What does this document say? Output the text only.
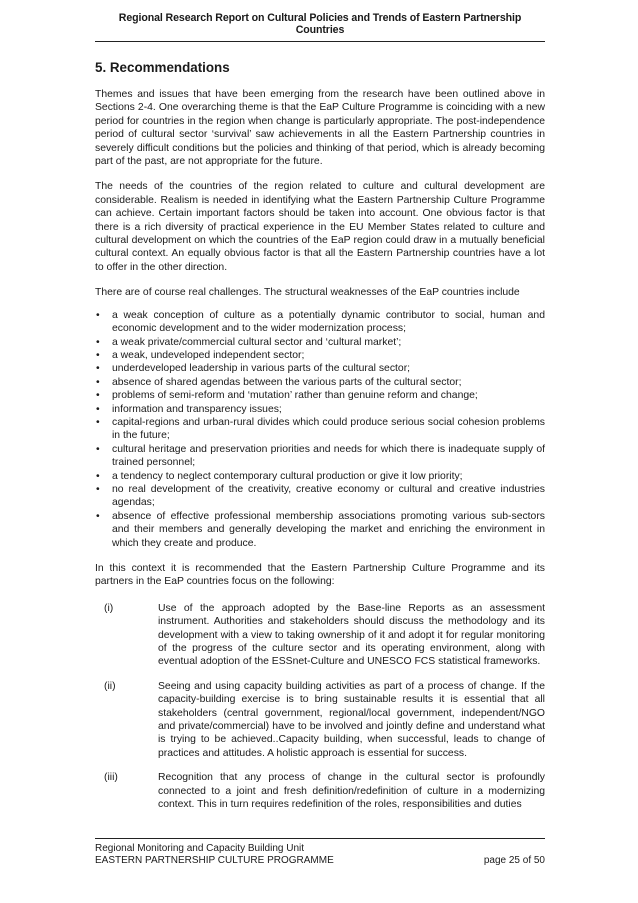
Regional Research Report on Cultural Policies and Trends of Eastern Partnership Countries
5. Recommendations

Themes and issues that have been emerging from the research have been outlined above in Sections 2-4. One overarching theme is that the EaP Culture Programme is coinciding with a new period for countries in the region when change is particularly appropriate. The post-independence period of cultural sector ‘survival’ saw achievements in all the Eastern Partnership countries in severely difficult conditions but the policies and thinking of that period, which is already becoming part of the past, are not appropriate for the future.

The needs of the countries of the region related to culture and cultural development are considerable. Realism is needed in identifying what the Eastern Partnership Culture Programme can achieve. Certain important factors should be taken into account. One obvious factor is that there is a rich diversity of practical experience in the EU Member States related to culture and cultural development on which the countries of the EaP region could draw in a mutually beneficial cultural context. An equally obvious factor is that all the Eastern Partnership countries have a lot to offer in the other direction.

There are of course real challenges. The structural weaknesses of the EaP countries include

• a weak conception of culture as a potentially dynamic contributor to social, human and economic development and to the wider modernization process;
• a weak private/commercial cultural sector and ‘cultural market’;
• a weak, undeveloped independent sector;
• underdeveloped leadership in various parts of the cultural sector;
• absence of shared agendas between the various parts of the cultural sector;
• problems of semi-reform and ‘mutation’ rather than genuine reform and change;
• information and transparency issues;
• capital-regions and urban-rural divides which could produce serious social cohesion problems in the future;
• cultural heritage and preservation priorities and needs for which there is inadequate supply of trained personnel;
• a tendency to neglect contemporary cultural production or give it low priority;
• no real development of the creativity, creative economy or cultural and creative industries agendas;
• absence of effective professional membership associations promoting various sub-sectors and their members and generally developing the market and enriching the environment in which they create and produce.

In this context it is recommended that the Eastern Partnership Culture Programme and its partners in the EaP countries focus on the following:

(i)	Use of the approach adopted by the Base-line Reports as an assessment instrument. Authorities and stakeholders should discuss the methodology and its development with a view to taking ownership of it and adopt it for regular monitoring of the progress of the culture sector and its operating environment, along with eventual adoption of the ESSnet-Culture and UNESCO FCS statistical frameworks.
(ii)	Seeing and using capacity building activities as part of a process of change. If the capacity-building exercise is to bring sustainable results it is essential that all stakeholders (central government, regional/local government, independent/NGO and private/commercial) have to be involved and jointly define and understand what is trying to be achieved..Capacity building, when successful, leads to change of practices and attitudes. A holistic approach is essential for success.
(iii)	Recognition that any process of change in the cultural sector is profoundly connected to a joint and fresh definition/redefinition of culture in a modernizing context. This in turn requires redefinition of the roles, responsibilities and duties
Regional Monitoring and Capacity Building Unit
EASTERN PARTNERSHIP CULTURE PROGRAMME	page 25 of 50
